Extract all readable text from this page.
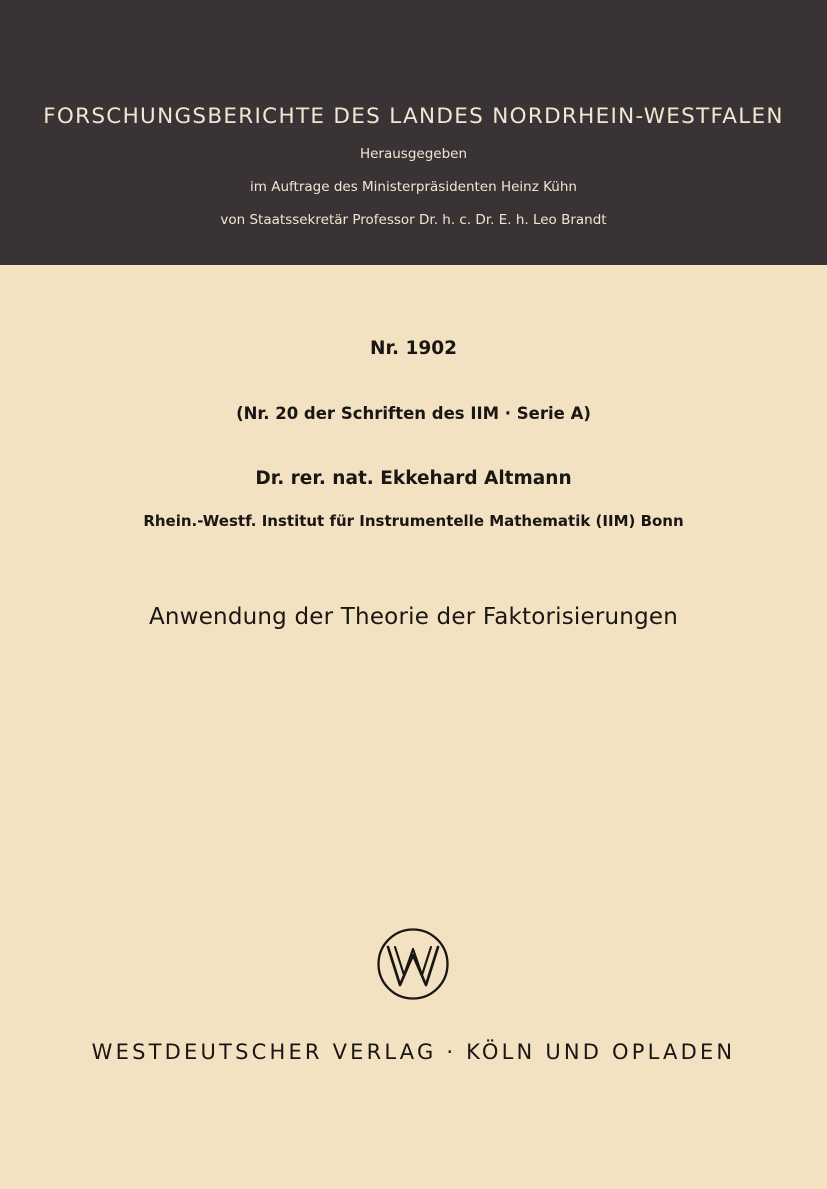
FORSCHUNGSBERICHTE DES LANDES NORDRHEIN-WESTFALEN
Herausgegeben
im Auftrage des Ministerpräsidenten Heinz Kühn
von Staatssekretär Professor Dr. h. c. Dr. E. h. Leo Brandt
Nr. 1902
(Nr. 20 der Schriften des IIM · Serie A)
Dr. rer. nat. Ekkehard Altmann
Rhein.-Westf. Institut für Instrumentelle Mathematik (IIM) Bonn
Anwendung der Theorie der Faktorisierungen
WESTDEUTSCHER VERLAG · KÖLN UND OPLADEN
